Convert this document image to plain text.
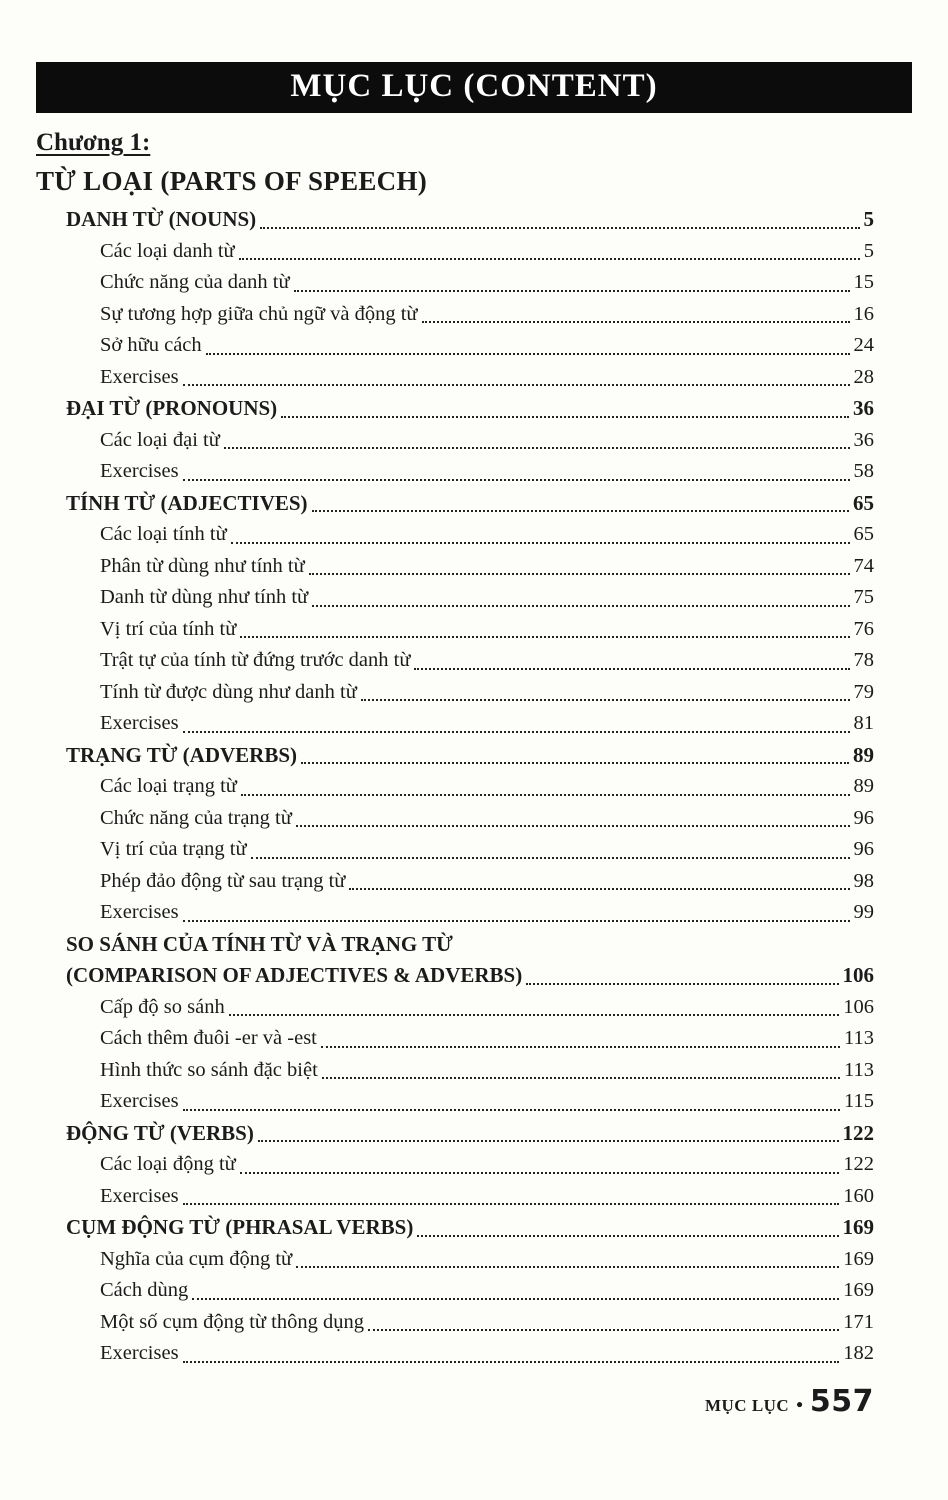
MỤC LỤC (CONTENT)
Chương 1:
TỪ LOẠI (PARTS OF SPEECH)
DANH TỪ (NOUNS)	5
Các loại danh từ	5
Chức năng của danh từ	15
Sự tương hợp giữa chủ ngữ và động từ	16
Sở hữu cách	24
Exercises	28
ĐẠI TỪ (PRONOUNS)	36
Các loại đại từ	36
Exercises	58
TÍNH TỪ (ADJECTIVES)	65
Các loại tính từ	65
Phân từ dùng như tính từ	74
Danh từ dùng như tính từ	75
Vị trí của tính từ	76
Trật tự của tính từ đứng trước danh từ	78
Tính từ được dùng như danh từ	79
Exercises	81
TRẠNG TỪ (ADVERBS)	89
Các loại trạng từ	89
Chức năng của trạng từ	96
Vị trí của trạng từ	96
Phép đảo động từ sau trạng từ	98
Exercises	99
SO SÁNH CỦA TÍNH TỪ VÀ TRẠNG TỪ
(COMPARISON OF ADJECTIVES & ADVERBS)	106
Cấp độ so sánh	106
Cách thêm đuôi -er và -est	113
Hình thức so sánh đặc biệt	113
Exercises	115
ĐỘNG TỪ (VERBS)	122
Các loại động từ	122
Exercises	160
CỤM ĐỘNG TỪ (PHRASAL VERBS)	169
Nghĩa của cụm động từ	169
Cách dùng	169
Một số cụm động từ thông dụng	171
Exercises	182
MỤC LỤC • 557
